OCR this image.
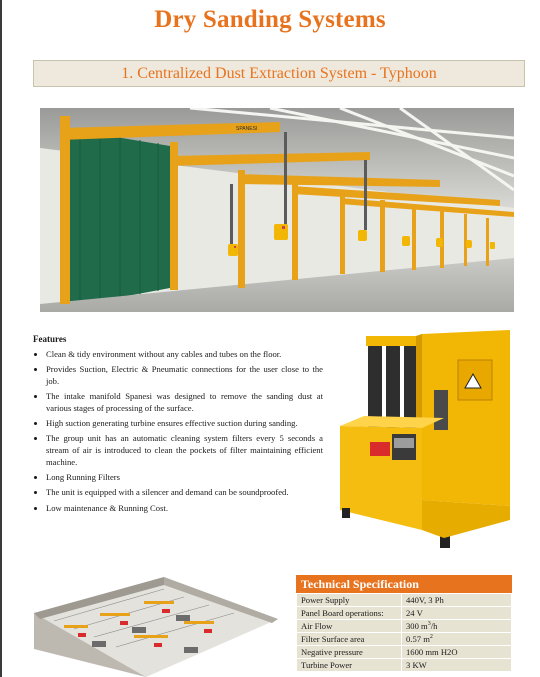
Dry Sanding Systems
1. Centralized Dust Extraction System - Typhoon
SPANESI
Features
• Clean & tidy environment without any cables and tubes on the floor.
• Provides Suction, Electric & Pneumatic connections for the user close to the job.
• The intake manifold Spanesi was designed to remove the sanding dust at various stages of processing of the surface.
• High suction generating turbine ensures effective suction during sanding.
• The group unit has an automatic cleaning system filters every 5 seconds a stream of air is introduced to clean the pockets of filter maintaining efficient machine.
• Long Running Filters
• The unit is equipped with a silencer and demand can be soundproofed.
• Low maintenance & Running Cost.
Technical Specification
Power Supply	440V, 3 Ph
Panel Board operations:	24 V
Air Flow	300 $m^3/h$
Filter Surface area	0.57 $m^2$
Negative pressure	1600 mm H2O
Turbine Power	3 KW
